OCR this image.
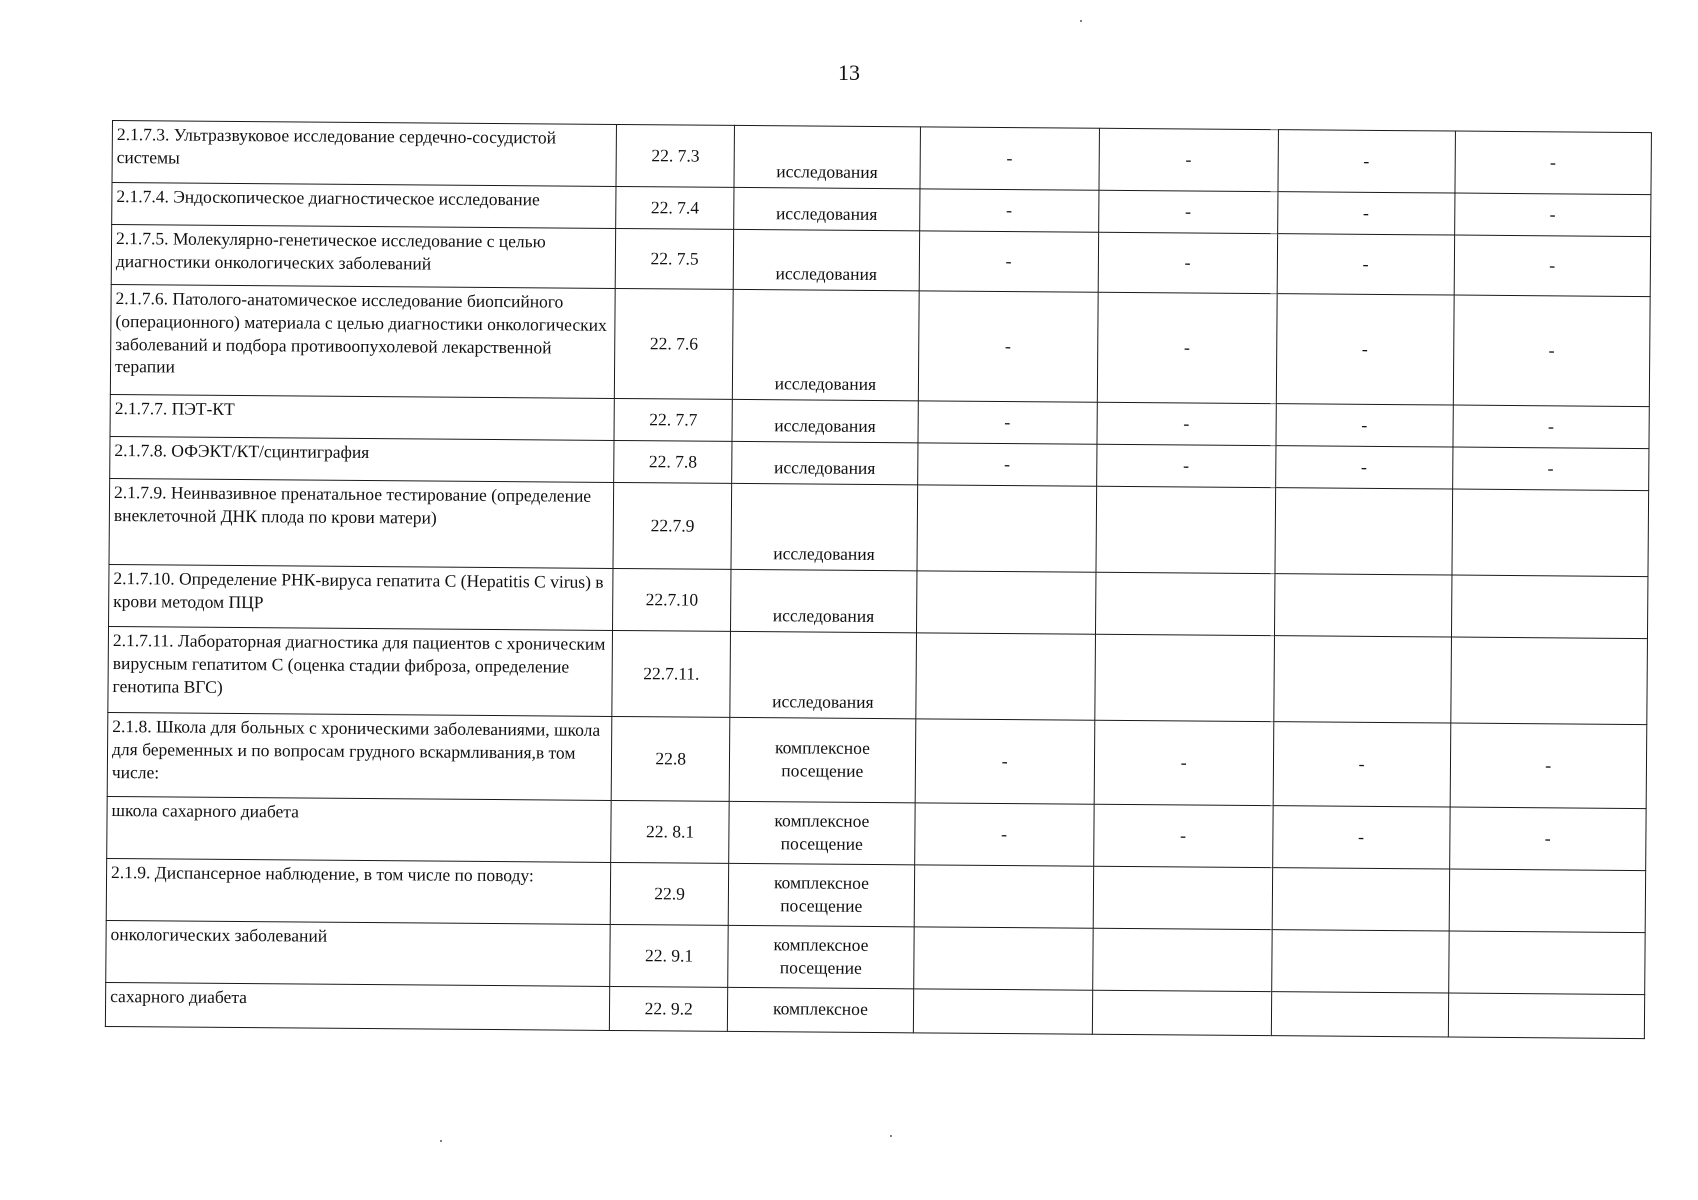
13
2.1.7.3. Ультразвуковое исследование сердечно-сосудистой системы	22. 7.3	исследования	-	-	-	-
2.1.7.4. Эндоскопическое диагностическое исследование	22. 7.4	исследования	-	-	-	-
2.1.7.5. Молекулярно-генетическое исследование с целью диагностики онкологических заболеваний	22. 7.5	исследования	-	-	-	-
2.1.7.6. Патолого-анатомическое исследование биопсийного (операционного) материала с целью диагностики онкологических заболеваний и подбора противоопухолевой лекарственной терапии	22. 7.6	исследования	-	-	-	-
2.1.7.7. ПЭТ-КТ	22. 7.7	исследования	-	-	-	-
2.1.7.8. ОФЭКТ/КТ/сцинтиграфия	22. 7.8	исследования	-	-	-	-
2.1.7.9. Неинвазивное пренатальное тестирование (определение внеклеточной ДНК плода по крови матери)	22.7.9	исследования				
2.1.7.10. Определение РНК-вируса гепатита С (Hepatitis C virus) в крови методом ПЦР	22.7.10	исследования				
2.1.7.11. Лабораторная диагностика для пациентов с хроническим вирусным гепатитом С (оценка стадии фиброза, определение генотипа ВГС)	22.7.11.	исследования				
2.1.8. Школа для больных с хроническими заболеваниями, школа для беременных и по вопросам грудного вскармливания,в том числе:	22.8	комплексное посещение	-	-	-	-
школа сахарного диабета	22. 8.1	комплексное посещение	-	-	-	-
2.1.9. Диспансерное наблюдение, в том числе по поводу:	22.9	комплексное посещение				
онкологических заболеваний	22. 9.1	комплексное посещение				
сахарного диабета	22. 9.2	комплексное				
